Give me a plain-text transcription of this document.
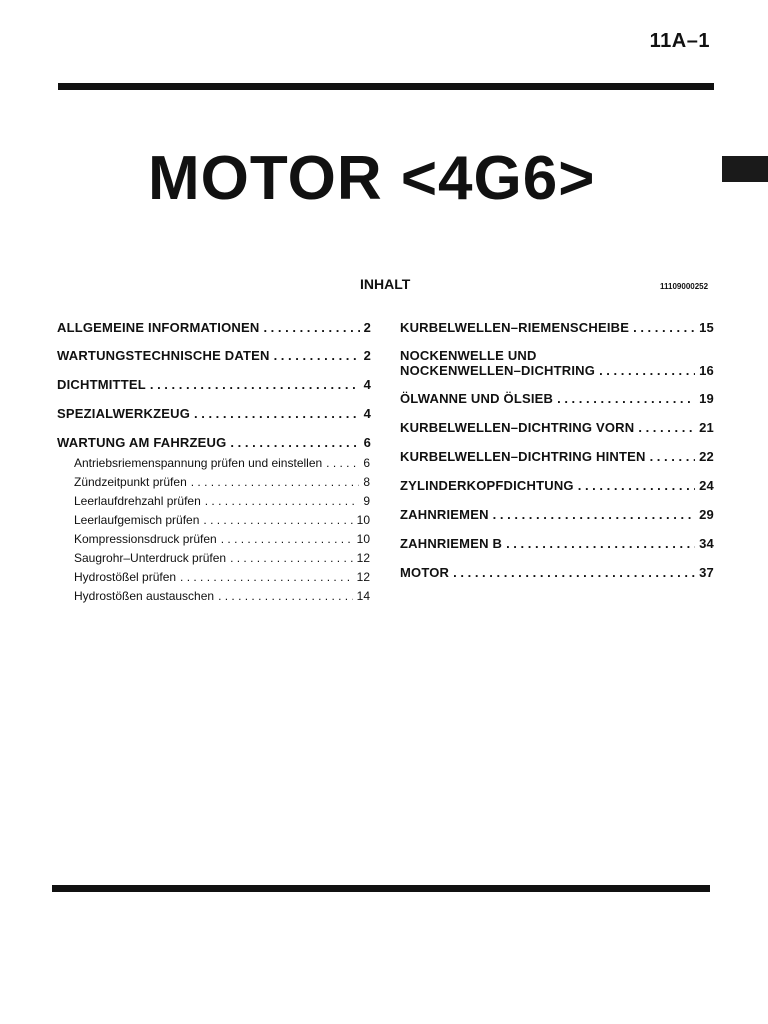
11A–1
MOTOR <4G6>
INHALT	11109000252
ALLGEMEINE INFORMATIONEN . . .	2
WARTUNGSTECHNISCHE DATEN . . .	2
DICHTMITTEL . . .	4
SPEZIALWERKZEUG . . .	4
WARTUNG AM FAHRZEUG . . .	6
Antriebsriemenspannung prüfen und einstellen . . .	6
Zündzeitpunkt prüfen . . .	8
Leerlaufdrehzahl prüfen . . .	9
Leerlaufgemisch prüfen . . .	10
Kompressionsdruck prüfen . . .	10
Saugrohr–Unterdruck prüfen . . .	12
Hydrostößel prüfen . . .	12
Hydrostößen austauschen . . .	14
KURBELWELLEN–RIEMENSCHEIBE . . .	15
NOCKENWELLE UND
NOCKENWELLEN–DICHTRING . . .	16
ÖLWANNE UND ÖLSIEB . . .	19
KURBELWELLEN–DICHTRING VORN . . .	21
KURBELWELLEN–DICHTRING HINTEN . . .	22
ZYLINDERKOPFDICHTUNG . . .	24
ZAHNRIEMEN . . .	29
ZAHNRIEMEN B . . .	34
MOTOR . . .	37
